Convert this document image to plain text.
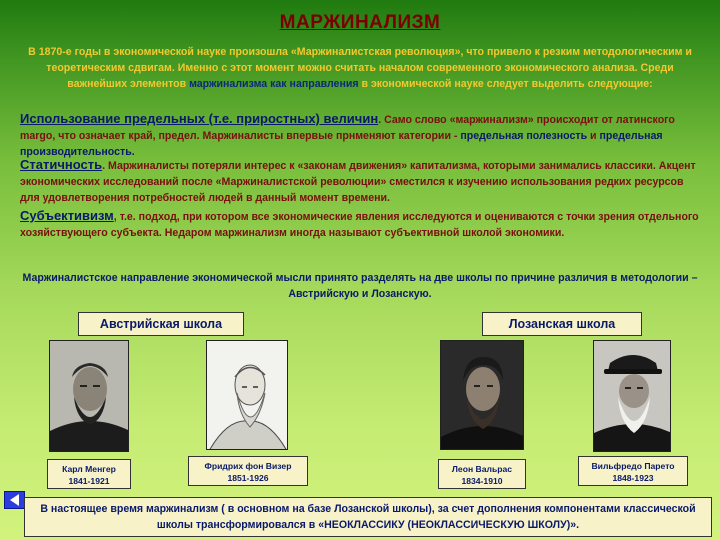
МАРЖИНАЛИЗМ
В 1870-е годы в экономической науке произошла «Маржиналистская революция», что привело к резким методологическим и теоретическим сдвигам. Именно с этот момент можно считать началом современного экономического анализа. Среди важнейших элементов маржинализма как направления в экономической науке следует выделить следующие:
Использование предельных (т.е. приростных) величин. Само слово «маржинализм» происходит от латинского margo, что означает край, предел. Маржиналисты впервые прнменяют категории - предельная полезность и предельная производительность.
Статичность. Маржиналисты потеряли интерес к «законам движения» капитализма, которыми занимались классики. Акцент экономических исследований после «Маржиналистской революции» сместился к изучению использования редких ресурсов для удовлетворения потребностей людей в данный момент времени.
Субъективизм, т.е. подход, при котором все экономические явления исследуются и оцениваются с точки зрения отдельного хозяйствующего субъекта. Недаром маржинализм иногда называют субъективной школой экономики.
Маржиналистское направление экономической мысли принято разделять на две школы по причине различия в методологии – Австрийскую и Лозанскую.
Австрийская школа	Лозанская школа
Карл Менгер
1841-1921
Фридрих фон Визер
1851-1926
Леон Вальрас
1834-1910
Вильфредо Парето
1848-1923
В настоящее время маржинализм ( в основном на базе Лозанской школы), за счет дополнения компонентами классической школы трансформировался в «НЕОКЛАССИКУ (НЕОКЛАССИЧЕСКУЮ ШКОЛУ)».
